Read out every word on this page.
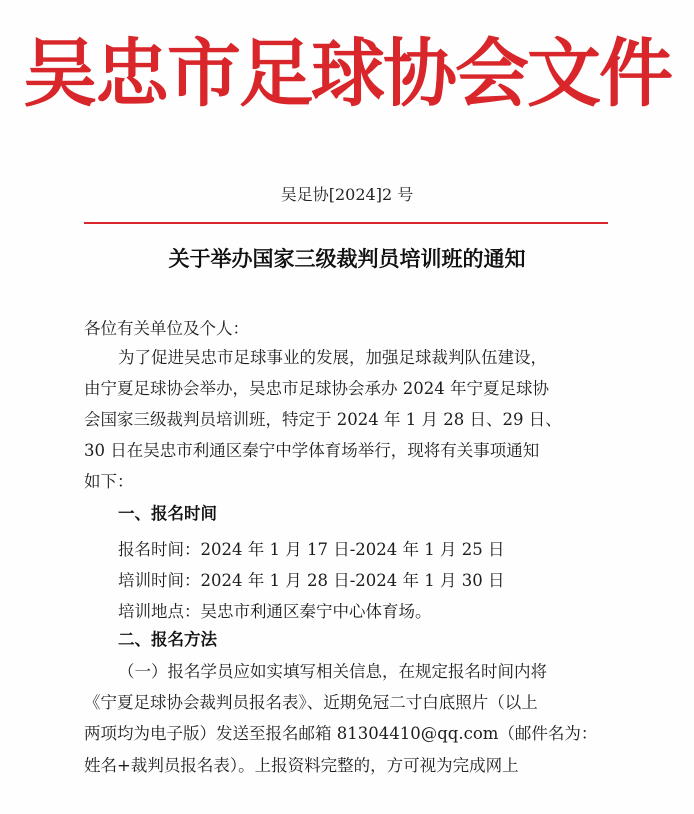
吴忠市足球协会文件
吴足协[2024]2 号
关于举办国家三级裁判员培训班的通知
各位有关单位及个人：
为了促进吴忠市足球事业的发展，加强足球裁判队伍建设，
由宁夏足球协会举办，吴忠市足球协会承办 2024 年宁夏足球协
会国家三级裁判员培训班，特定于 2024 年 1 月 28 日、29 日、
30 日在吴忠市利通区秦宁中学体育场举行，现将有关事项通知
如下：
一、报名时间
报名时间：2024 年 1 月 17 日-2024 年 1 月 25 日
培训时间：2024 年 1 月 28 日-2024 年 1 月 30 日
培训地点：吴忠市利通区秦宁中心体育场。
二、报名方法
（一）报名学员应如实填写相关信息，在规定报名时间内将
《宁夏足球协会裁判员报名表》、近期免冠二寸白底照片（以上
两项均为电子版）发送至报名邮箱 81304410@qq.com（邮件名为：
姓名+裁判员报名表）。上报资料完整的，方可视为完成网上
